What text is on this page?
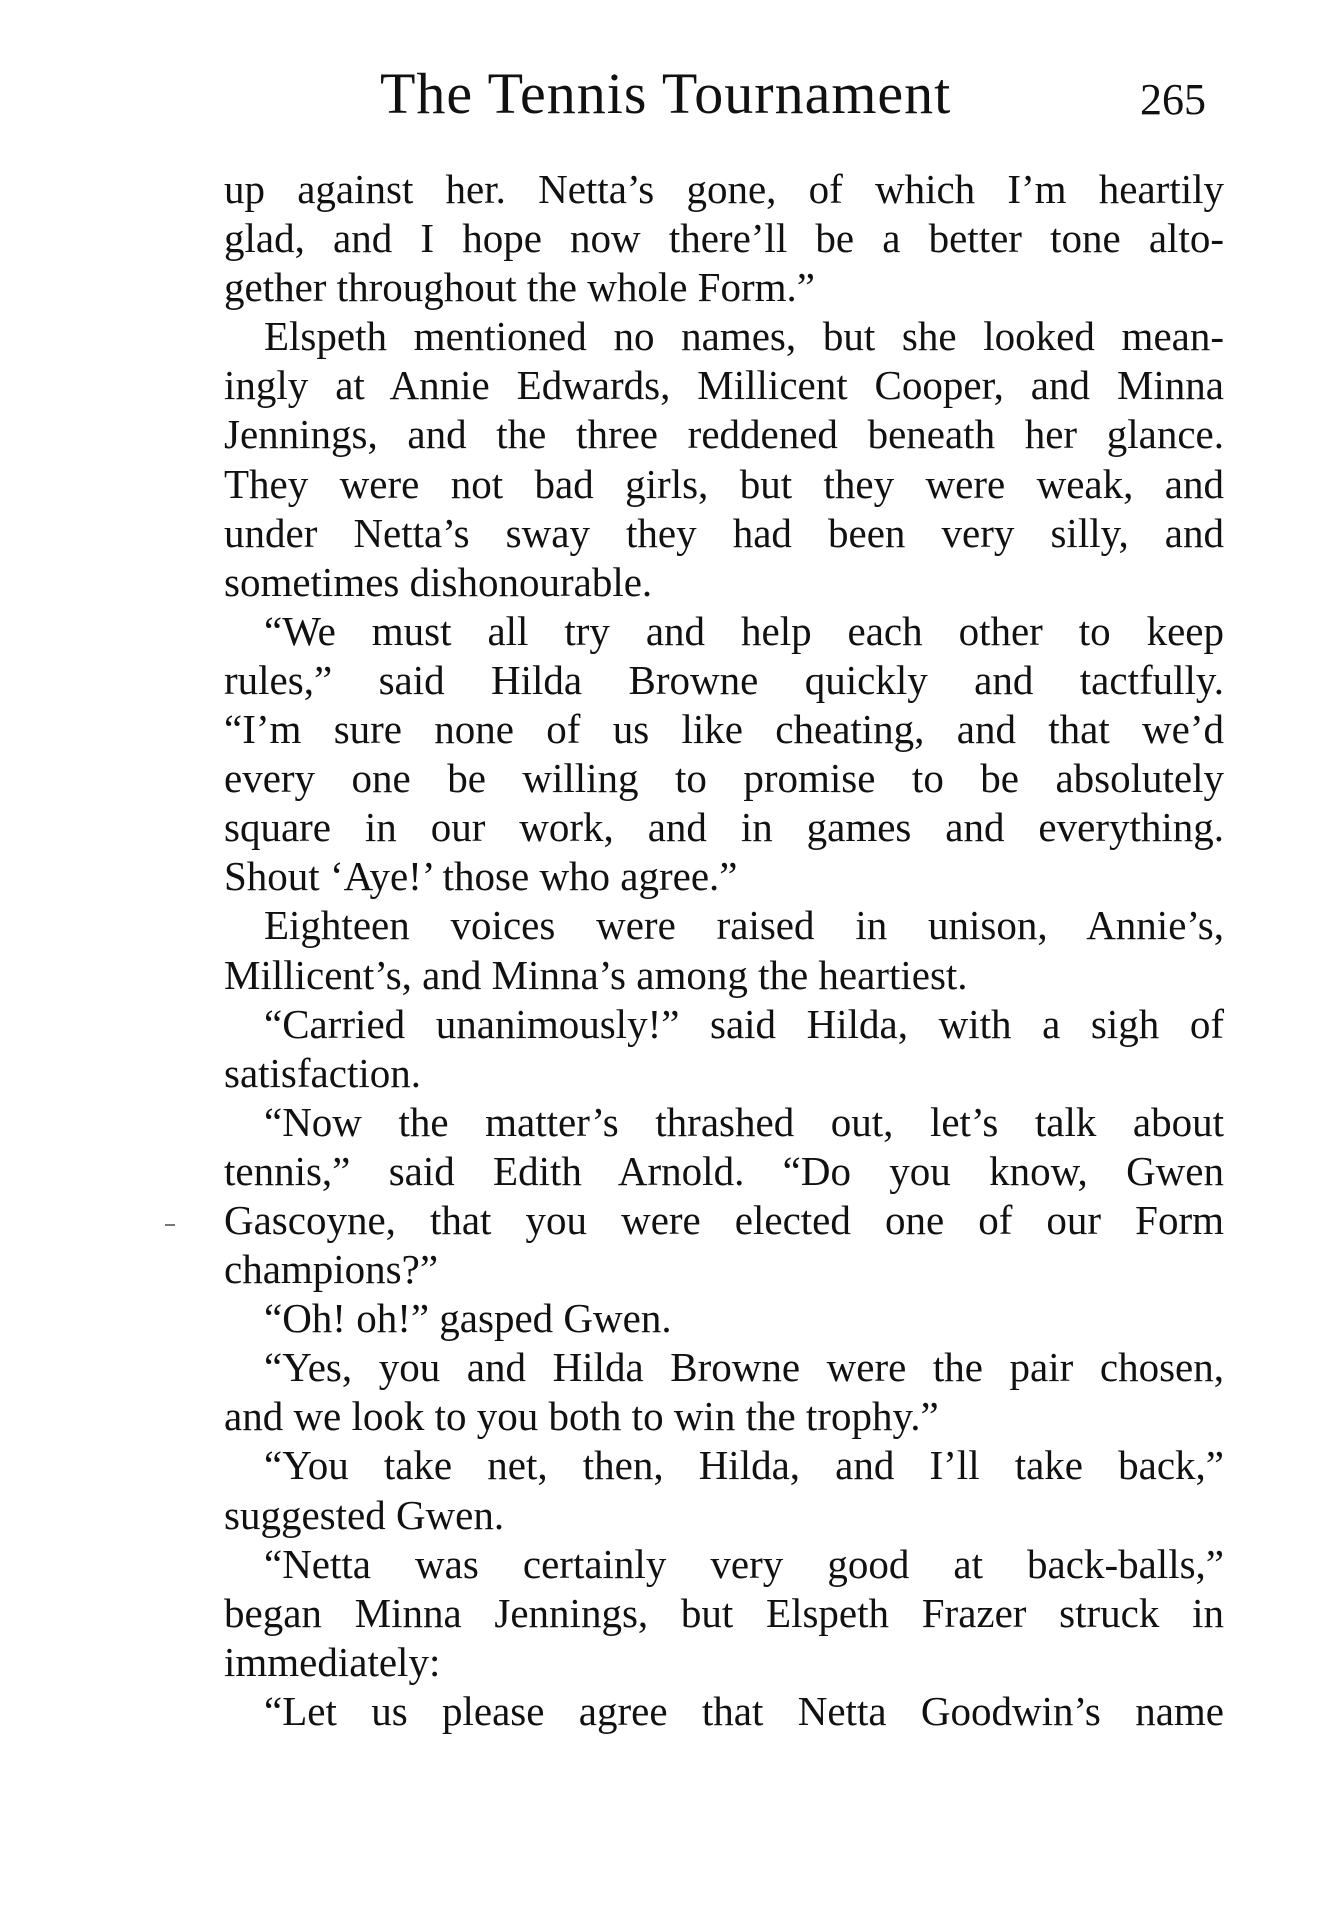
The Tennis Tournament	265
up against her. Netta’s gone, of which I’m heartily
glad, and I hope now there’ll be a better tone alto-
gether throughout the whole Form.”
Elspeth mentioned no names, but she looked mean-
ingly at Annie Edwards, Millicent Cooper, and Minna
Jennings, and the three reddened beneath her glance.
They were not bad girls, but they were weak, and
under Netta’s sway they had been very silly, and
sometimes dishonourable.
“We must all try and help each other to keep
rules,” said Hilda Browne quickly and tactfully.
“I’m sure none of us like cheating, and that we’d
every one be willing to promise to be absolutely
square in our work, and in games and everything.
Shout ‘Aye!’ those who agree.”
Eighteen voices were raised in unison, Annie’s,
Millicent’s, and Minna’s among the heartiest.
“Carried unanimously!” said Hilda, with a sigh of
satisfaction.
“Now the matter’s thrashed out, let’s talk about
tennis,” said Edith Arnold. “Do you know, Gwen
Gascoyne, that you were elected one of our Form
champions?”
“Oh! oh!” gasped Gwen.
“Yes, you and Hilda Browne were the pair chosen,
and we look to you both to win the trophy.”
“You take net, then, Hilda, and I’ll take back,”
suggested Gwen.
“Netta was certainly very good at back-balls,”
began Minna Jennings, but Elspeth Frazer struck in
immediately:
“Let us please agree that Netta Goodwin’s name
